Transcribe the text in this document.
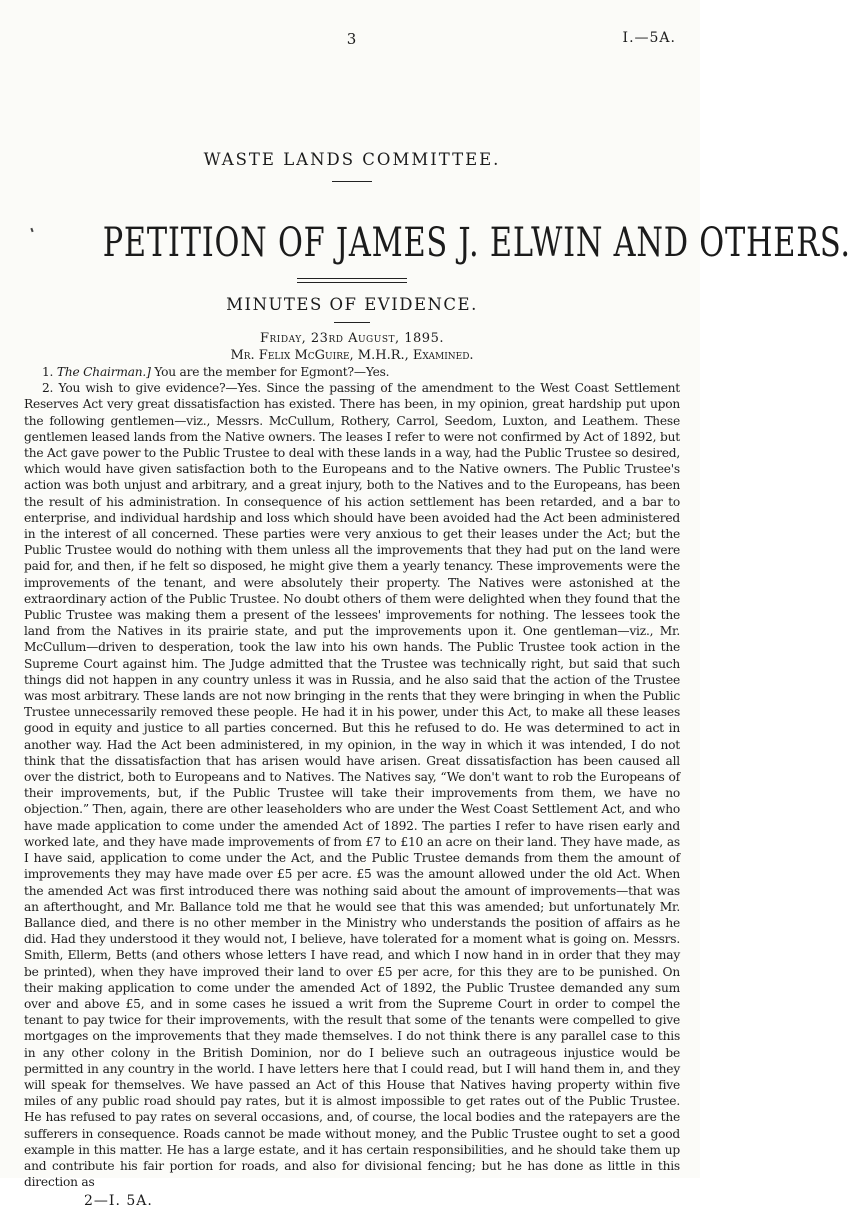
3	I.—5A.
WASTE LANDS COMMITTEE.
PETITION OF JAMES J. ELWIN AND OTHERS.
MINUTES OF EVIDENCE.
Friday, 23rd August, 1895.
Mr. Felix McGuire, M.H.R., Examined.

1. The Chairman.] You are the member for Egmont?—Yes.

2. You wish to give evidence?—Yes. Since the passing of the amendment to the West Coast Settlement Reserves Act very great dissatisfaction has existed. There has been, in my opinion, great hardship put upon the following gentlemen—viz., Messrs. McCullum, Rothery, Carrol, Seedom, Luxton, and Leathem. These gentlemen leased lands from the Native owners. The leases I refer to were not confirmed by Act of 1892, but the Act gave power to the Public Trustee to deal with these lands in a way, had the Public Trustee so desired, which would have given satisfaction both to the Europeans and to the Native owners. The Public Trustee's action was both unjust and arbitrary, and a great injury, both to the Natives and to the Europeans, has been the result of his administration. In consequence of his action settlement has been retarded, and a bar to enterprise, and individual hardship and loss which should have been avoided had the Act been administered in the interest of all concerned. These parties were very anxious to get their leases under the Act; but the Public Trustee would do nothing with them unless all the improvements that they had put on the land were paid for, and then, if he felt so disposed, he might give them a yearly tenancy. These improvements were the improvements of the tenant, and were absolutely their property. The Natives were astonished at the extraordinary action of the Public Trustee. No doubt others of them were delighted when they found that the Public Trustee was making them a present of the lessees' improvements for nothing. The lessees took the land from the Natives in its prairie state, and put the improvements upon it. One gentleman—viz., Mr. McCullum—driven to desperation, took the law into his own hands. The Public Trustee took action in the Supreme Court against him. The Judge admitted that the Trustee was technically right, but said that such things did not happen in any country unless it was in Russia, and he also said that the action of the Trustee was most arbitrary. These lands are not now bringing in the rents that they were bringing in when the Public Trustee unnecessarily removed these people. He had it in his power, under this Act, to make all these leases good in equity and justice to all parties concerned. But this he refused to do. He was determined to act in another way. Had the Act been administered, in my opinion, in the way in which it was intended, I do not think that the dissatisfaction that has arisen would have arisen. Great dissatisfaction has been caused all over the district, both to Europeans and to Natives. The Natives say, “We don't want to rob the Europeans of their improvements, but, if the Public Trustee will take their improvements from them, we have no objection.” Then, again, there are other leaseholders who are under the West Coast Settlement Act, and who have made application to come under the amended Act of 1892. The parties I refer to have risen early and worked late, and they have made improvements of from £7 to £10 an acre on their land. They have made, as I have said, application to come under the Act, and the Public Trustee demands from them the amount of improvements they may have made over £5 per acre. £5 was the amount allowed under the old Act. When the amended Act was first introduced there was nothing said about the amount of improvements—that was an afterthought, and Mr. Ballance told me that he would see that this was amended; but unfortunately Mr. Ballance died, and there is no other member in the Ministry who understands the position of affairs as he did. Had they understood it they would not, I believe, have tolerated for a moment what is going on. Messrs. Smith, Ellerm, Betts (and others whose letters I have read, and which I now hand in in order that they may be printed), when they have improved their land to over £5 per acre, for this they are to be punished. On their making application to come under the amended Act of 1892, the Public Trustee demanded any sum over and above £5, and in some cases he issued a writ from the Supreme Court in order to compel the tenant to pay twice for their improvements, with the result that some of the tenants were compelled to give mortgages on the improvements that they made themselves. I do not think there is any parallel case to this in any other colony in the British Dominion, nor do I believe such an outrageous injustice would be permitted in any country in the world. I have letters here that I could read, but I will hand them in, and they will speak for themselves. We have passed an Act of this House that Natives having property within five miles of any public road should pay rates, but it is almost impossible to get rates out of the Public Trustee. He has refused to pay rates on several occasions, and, of course, the local bodies and the ratepayers are the sufferers in consequence. Roads cannot be made without money, and the Public Trustee ought to set a good example in this matter. He has a large estate, and it has certain responsibilities, and he should take them up and contribute his fair portion for roads, and also for divisional fencing; but he has done as little in this direction as

2—I. 5A.
